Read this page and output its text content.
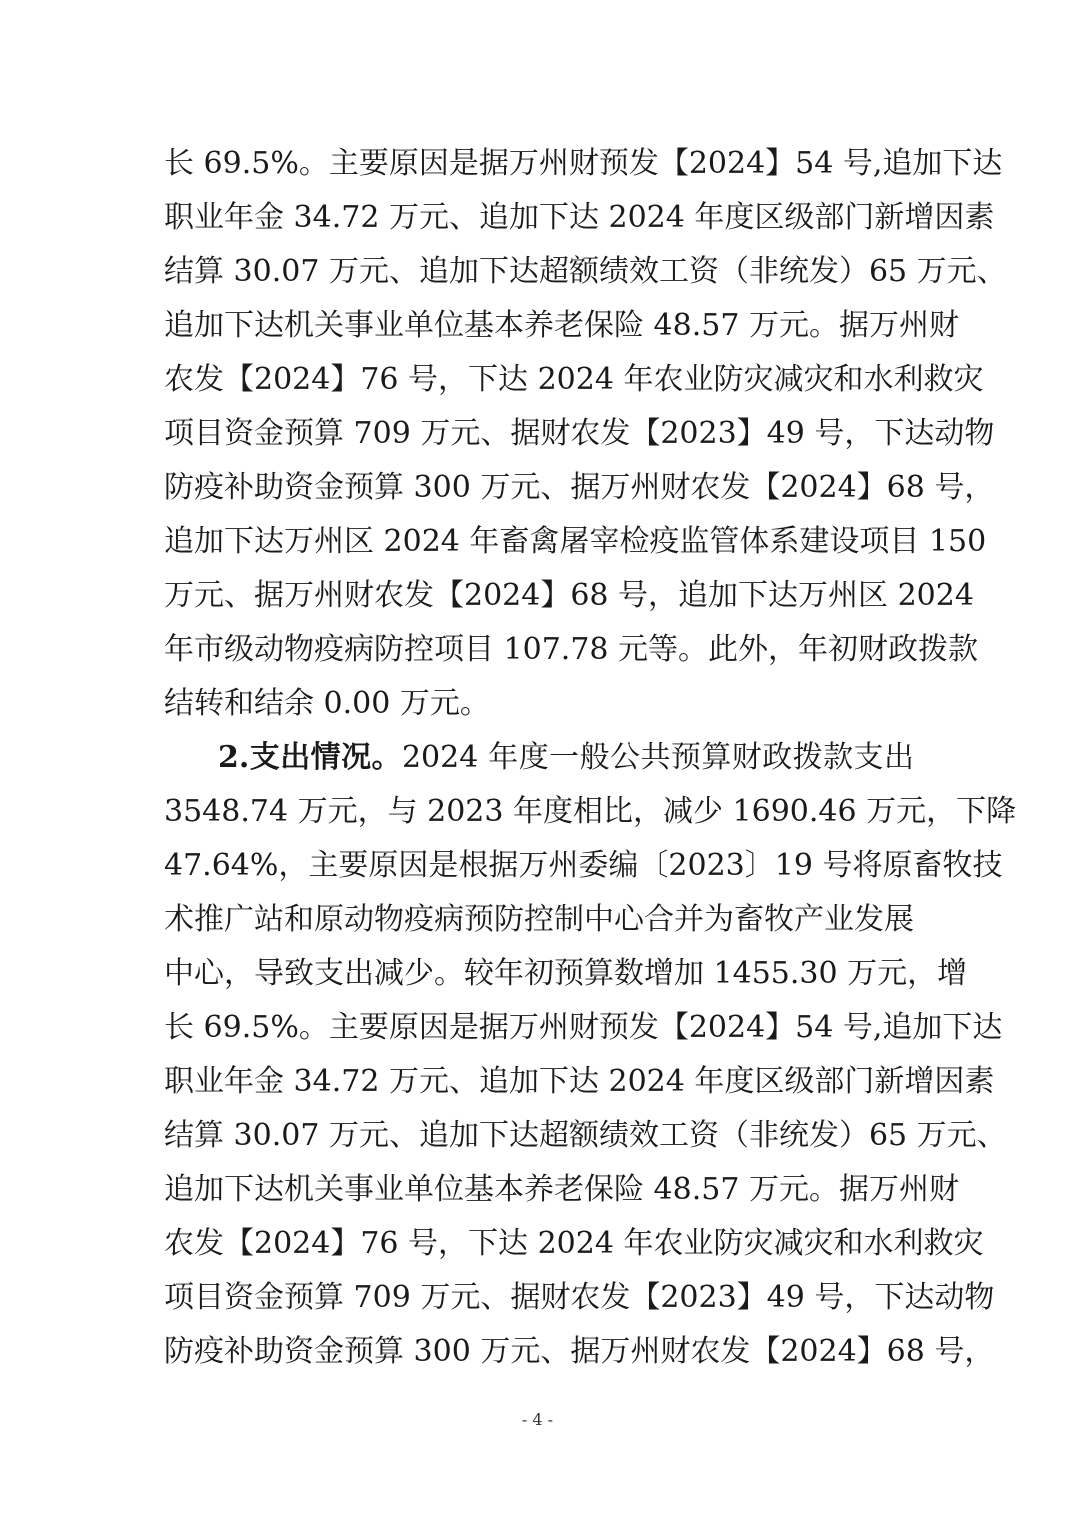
长 69.5%。主要原因是据万州财预发【2024】54 号,追加下达
职业年金 34.72 万元、追加下达 2024 年度区级部门新增因素
结算 30.07 万元、追加下达超额绩效工资（非统发）65 万元、
追加下达机关事业单位基本养老保险 48.57 万元。据万州财
农发【2024】76 号，下达 2024 年农业防灾减灾和水利救灾
项目资金预算 709 万元、据财农发【2023】49 号，下达动物
防疫补助资金预算 300 万元、据万州财农发【2024】68 号，
追加下达万州区 2024 年畜禽屠宰检疫监管体系建设项目 150
万元、据万州财农发【2024】68 号，追加下达万州区 2024
年市级动物疫病防控项目 107.78 元等。此外，年初财政拨款
结转和结余 0.00 万元。
2.支出情况。2024 年度一般公共预算财政拨款支出
3548.74 万元，与 2023 年度相比，减少 1690.46 万元，下降
47.64%，主要原因是根据万州委编〔2023〕19 号将原畜牧技
术推广站和原动物疫病预防控制中心合并为畜牧产业发展
中心，导致支出减少。较年初预算数增加 1455.30 万元，增
长 69.5%。主要原因是据万州财预发【2024】54 号,追加下达
职业年金 34.72 万元、追加下达 2024 年度区级部门新增因素
结算 30.07 万元、追加下达超额绩效工资（非统发）65 万元、
追加下达机关事业单位基本养老保险 48.57 万元。据万州财
农发【2024】76 号，下达 2024 年农业防灾减灾和水利救灾
项目资金预算 709 万元、据财农发【2023】49 号，下达动物
防疫补助资金预算 300 万元、据万州财农发【2024】68 号，
- 4 -
